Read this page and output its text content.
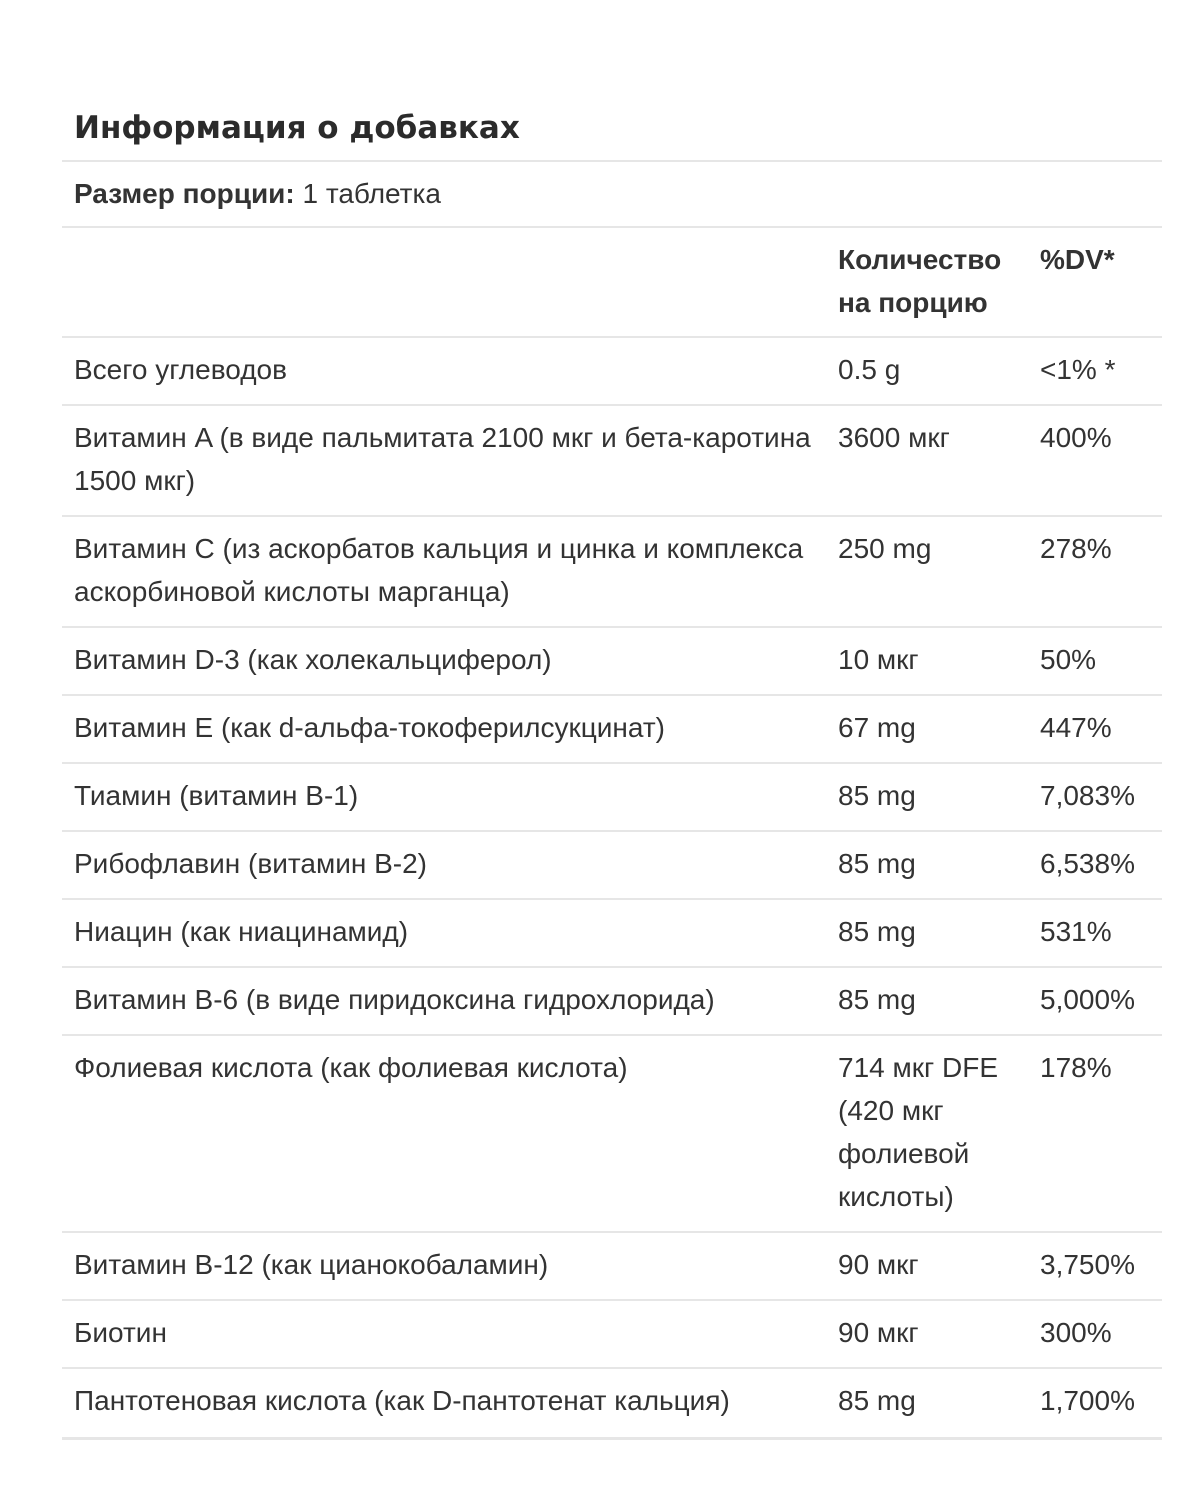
Информация о добавках
Размер порции: 1 таблетка
	Количество на порцию	%DV*
Всего углеводов	0.5 g	<1% *
Витамин A (в виде пальмитата 2100 мкг и бета-каротина 1500 мкг)	3600 мкг	400%
Витамин C (из аскорбатов кальция и цинка и комплекса аскорбиновой кислоты марганца)	250 mg	278%
Витамин D-3 (как холекальциферол)	10 мкг	50%
Витамин E (как d-альфа-токоферилсукцинат)	67 mg	447%
Тиамин (витамин B-1)	85 mg	7,083%
Рибофлавин (витамин B-2)	85 mg	6,538%
Ниацин (как ниацинамид)	85 mg	531%
Витамин B-6 (в виде пиридоксина гидрохлорида)	85 mg	5,000%
Фолиевая кислота (как фолиевая кислота)	714 мкг DFE (420 мкг фолиевой кислоты)	178%
Витамин B-12 (как цианокобаламин)	90 мкг	3,750%
Биотин	90 мкг	300%
Пантотеновая кислота (как D-пантотенат кальция)	85 mg	1,700%
